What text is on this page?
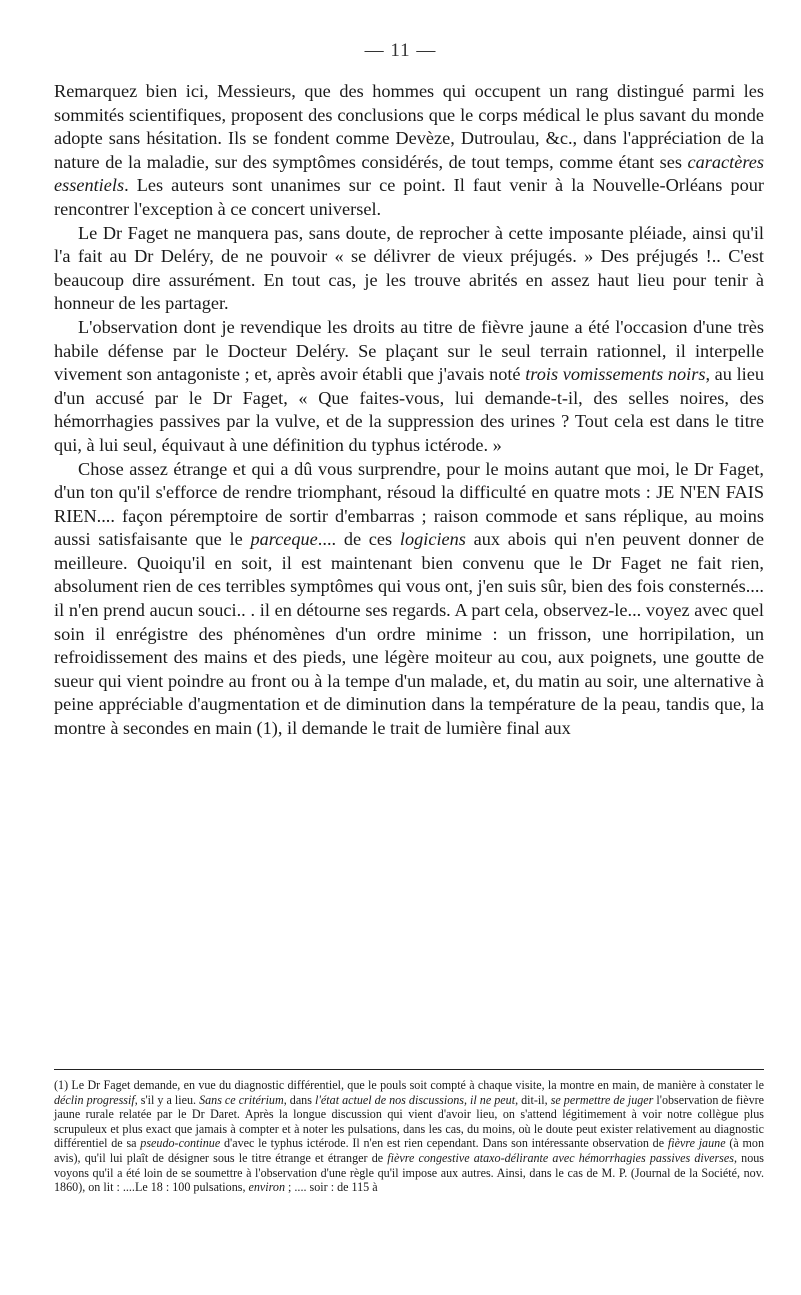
— 11 —

Remarquez bien ici, Messieurs, que des hommes qui occupent un rang distingué parmi les sommités scientifiques, proposent des conclusions que le corps médical le plus savant du monde adopte sans hésitation. Ils se fondent comme Devèze, Dutroulau, &c., dans l'appréciation de la nature de la maladie, sur des symptômes considérés, de tout temps, comme étant ses caractères essentiels. Les auteurs sont unanimes sur ce point. Il faut venir à la Nouvelle-Orléans pour rencontrer l'exception à ce concert universel.

Le Dr Faget ne manquera pas, sans doute, de reprocher à cette imposante pléiade, ainsi qu'il l'a fait au Dr Deléry, de ne pouvoir « se délivrer de vieux préjugés. » Des préjugés !.. C'est beaucoup dire assurément. En tout cas, je les trouve abrités en assez haut lieu pour tenir à honneur de les partager.

L'observation dont je revendique les droits au titre de fièvre jaune a été l'occasion d'une très habile défense par le Docteur Deléry. Se plaçant sur le seul terrain rationnel, il interpelle vivement son antagoniste ; et, après avoir établi que j'avais noté trois vomissements noirs, au lieu d'un accusé par le Dr Faget, « Que faites-vous, lui demande-t-il, des selles noires, des hémorrhagies passives par la vulve, et de la suppression des urines ? Tout cela est dans le titre qui, à lui seul, équivaut à une définition du typhus ictérode. »

Chose assez étrange et qui a dû vous surprendre, pour le moins autant que moi, le Dr Faget, d'un ton qu'il s'efforce de rendre triomphant, résoud la difficulté en quatre mots : JE N'EN FAIS RIEN.... façon péremptoire de sortir d'embarras ; raison commode et sans réplique, au moins aussi satisfaisante que le parceque.... de ces logiciens aux abois qui n'en peuvent donner de meilleure. Quoiqu'il en soit, il est maintenant bien convenu que le Dr Faget ne fait rien, absolument rien de ces terribles symptômes qui vous ont, j'en suis sûr, bien des fois consternés.... il n'en prend aucun souci.. . il en détourne ses regards. A part cela, observez-le... voyez avec quel soin il enrégistre des phénomènes d'un ordre minime : un frisson, une horripilation, un refroidissement des mains et des pieds, une légère moiteur au cou, aux poignets, une goutte de sueur qui vient poindre au front ou à la tempe d'un malade, et, du matin au soir, une alternative à peine appréciable d'augmentation et de diminution dans la température de la peau, tandis que, la montre à secondes en main (1), il demande le trait de lumière final aux

(1) Le Dr Faget demande, en vue du diagnostic différentiel, que le pouls soit compté à chaque visite, la montre en main, de manière à constater le déclin progressif, s'il y a lieu. Sans ce critérium, dans l'état actuel de nos discussions, il ne peut, dit-il, se permettre de juger l'observation de fièvre jaune rurale relatée par le Dr Daret. Après la longue discussion qui vient d'avoir lieu, on s'attend légitimement à voir notre collègue plus scrupuleux et plus exact que jamais à compter et à noter les pulsations, dans les cas, du moins, où le doute peut exister relativement au diagnostic différentiel de sa pseudo-continue d'avec le typhus ictérode. Il n'en est rien cependant. Dans son intéressante observation de fièvre jaune (à mon avis), qu'il lui plaît de désigner sous le titre étrange et étranger de fièvre congestive ataxo-délirante avec hémorrhagies passives diverses, nous voyons qu'il a été loin de se soumettre à l'observation d'une règle qu'il impose aux autres. Ainsi, dans le cas de M. P. (Journal de la Société, nov. 1860), on lit : ....Le 18 : 100 pulsations, environ ; .... soir : de 115 à
